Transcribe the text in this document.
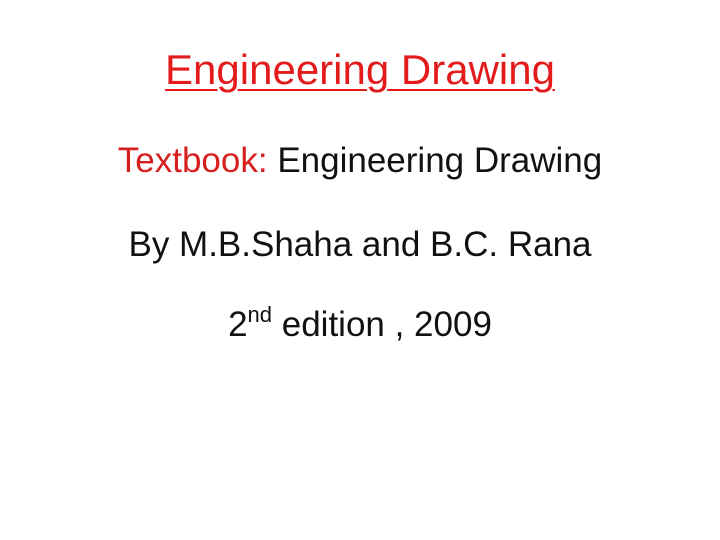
Engineering Drawing
Textbook: Engineering Drawing
By M.B.Shaha and B.C. Rana
2nd edition , 2009
